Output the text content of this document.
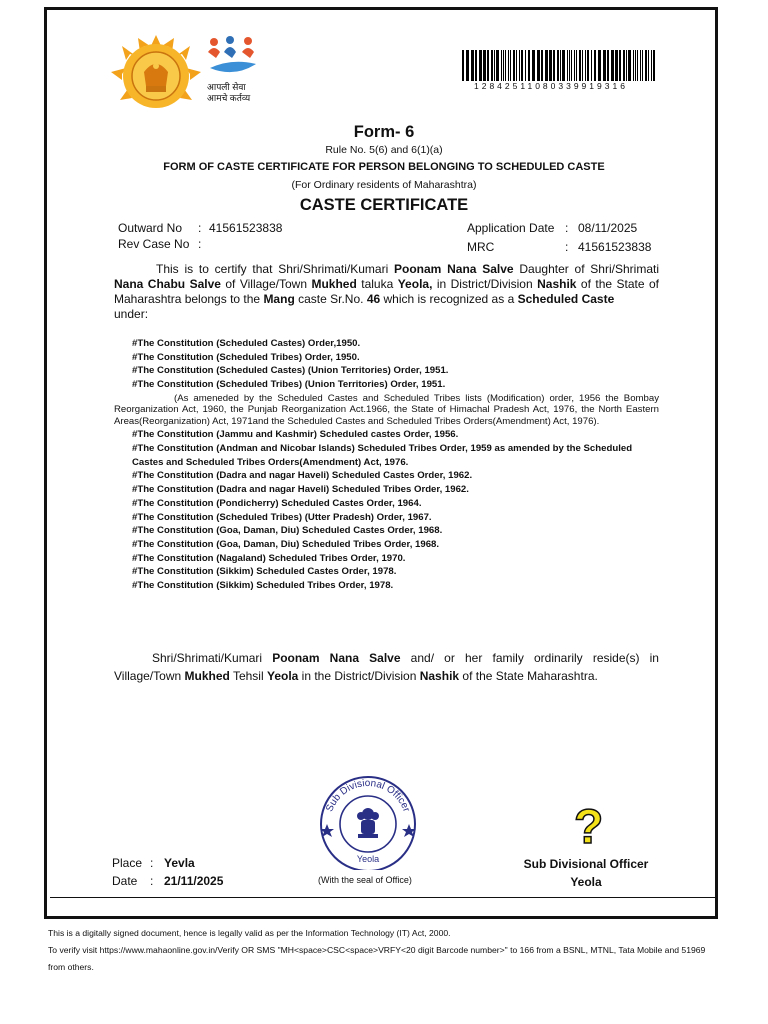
आपली सेवा
आमचे कर्तव्य
12842511080339919316
Form- 6
Rule No. 5(6) and 6(1)(a)
FORM OF CASTE CERTIFICATE FOR PERSON BELONGING TO SCHEDULED CASTE
(For Ordinary residents of Maharashtra)
CASTE CERTIFICATE
Outward No : 41561523838
Rev Case No :
Application Date : 08/11/2025
MRC	: 41561523838
This is to certify that Shri/Shrimati/Kumari Poonam Nana Salve Daughter of Shri/Shrimati Nana Chabu Salve of Village/Town Mukhed taluka Yeola, in District/Division Nashik of the State of Maharashtra belongs to the Mang caste Sr.No. 46 which is recognized as a Scheduled Caste
under:
#The Constitution (Scheduled Castes) Order,1950.
#The Constitution (Scheduled Tribes) Order, 1950.
#The Constitution (Scheduled Castes) (Union Territories) Order, 1951.
#The Constitution (Scheduled Tribes) (Union Territories) Order, 1951.
(As ameneded by the Scheduled Castes and Scheduled Tribes lists (Modification) order, 1956 the Bombay Reorganization Act, 1960, the Punjab Reorganization Act.1966, the State of Himachal Pradesh Act, 1976, the North Eastern Areas(Reorganization) Act, 1971and the Scheduled Castes and Scheduled Tribes Orders(Amendment) Act, 1976).
#The Constitution (Jammu and Kashmir) Scheduled castes Order, 1956.
#The Constitution (Andman and Nicobar Islands) Scheduled Tribes Order, 1959 as amended by the Scheduled Castes and Scheduled Tribes Orders(Amendment) Act, 1976.
#The Constitution (Dadra and nagar Haveli) Scheduled Castes Order, 1962.
#The Constitution (Dadra and nagar Haveli) Scheduled Tribes Order, 1962.
#The Constitution (Pondicherry) Scheduled Castes Order, 1964.
#The Constitution (Scheduled Tribes) (Utter Pradesh) Order, 1967.
#The Constitution (Goa, Daman, Diu) Scheduled Castes Order, 1968.
#The Constitution (Goa, Daman, Diu) Scheduled Tribes Order, 1968.
#The Constitution (Nagaland) Scheduled Tribes Order, 1970.
#The Constitution (Sikkim) Scheduled Castes Order, 1978.
#The Constitution (Sikkim) Scheduled Tribes Order, 1978.
Shri/Shrimati/Kumari Poonam Nana Salve and/ or her family ordinarily reside(s) in Village/Town Mukhed Tehsil Yeola in the District/Division Nashik of the State Maharashtra.
Sub Divisional Officer
Yeola
(With the seal of Office)
Place : Yevla
Date : 21/11/2025
?
Sub Divisional Officer
Yeola
This is a digitally signed document, hence is legally valid as per the Information Technology (IT) Act, 2000.
To verify visit https://www.mahaonline.gov.in/Verify OR SMS "MH<space>CSC<space>VRFY<20 digit Barcode number>" to 166 from a BSNL, MTNL, Tata Mobile and 51969 from others.
